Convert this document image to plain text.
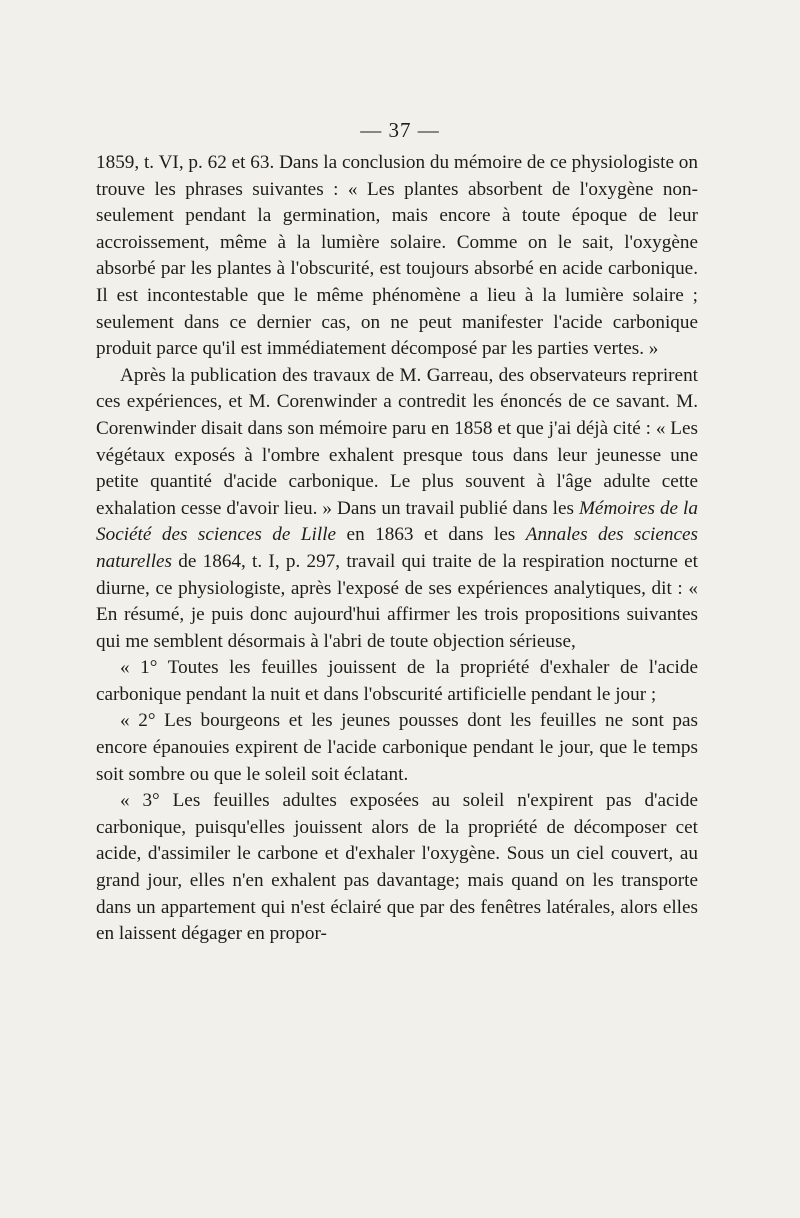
— 37 —

1859, t. VI, p. 62 et 63. Dans la conclusion du mémoire de ce physiologiste on trouve les phrases suivantes : « Les plantes absorbent de l'oxygène non-seulement pendant la germination, mais encore à toute époque de leur accroissement, même à la lumière solaire. Comme on le sait, l'oxygène absorbé par les plantes à l'obscurité, est toujours absorbé en acide carbonique. Il est incontestable que le même phénomène a lieu à la lumière solaire ; seulement dans ce dernier cas, on ne peut manifester l'acide carbonique produit parce qu'il est immédiatement décomposé par les parties vertes. »

Après la publication des travaux de M. Garreau, des observateurs reprirent ces expériences, et M. Corenwinder a contredit les énoncés de ce savant. M. Corenwinder disait dans son mémoire paru en 1858 et que j'ai déjà cité : « Les végétaux exposés à l'ombre exhalent presque tous dans leur jeunesse une petite quantité d'acide carbonique. Le plus souvent à l'âge adulte cette exhalation cesse d'avoir lieu. » Dans un travail publié dans les Mémoires de la Société des sciences de Lille en 1863 et dans les Annales des sciences naturelles de 1864, t. I, p. 297, travail qui traite de la respiration nocturne et diurne, ce physiologiste, après l'exposé de ses expériences analytiques, dit : « En résumé, je puis donc aujourd'hui affirmer les trois propositions suivantes qui me semblent désormais à l'abri de toute objection sérieuse,

« 1° Toutes les feuilles jouissent de la propriété d'exhaler de l'acide carbonique pendant la nuit et dans l'obscurité artificielle pendant le jour ;

« 2° Les bourgeons et les jeunes pousses dont les feuilles ne sont pas encore épanouies expirent de l'acide carbonique pendant le jour, que le temps soit sombre ou que le soleil soit éclatant.

« 3° Les feuilles adultes exposées au soleil n'expirent pas d'acide carbonique, puisqu'elles jouissent alors de la propriété de décomposer cet acide, d'assimiler le carbone et d'exhaler l'oxygène. Sous un ciel couvert, au grand jour, elles n'en exhalent pas davantage; mais quand on les transporte dans un appartement qui n'est éclairé que par des fenêtres latérales, alors elles en laissent dégager en propor-
